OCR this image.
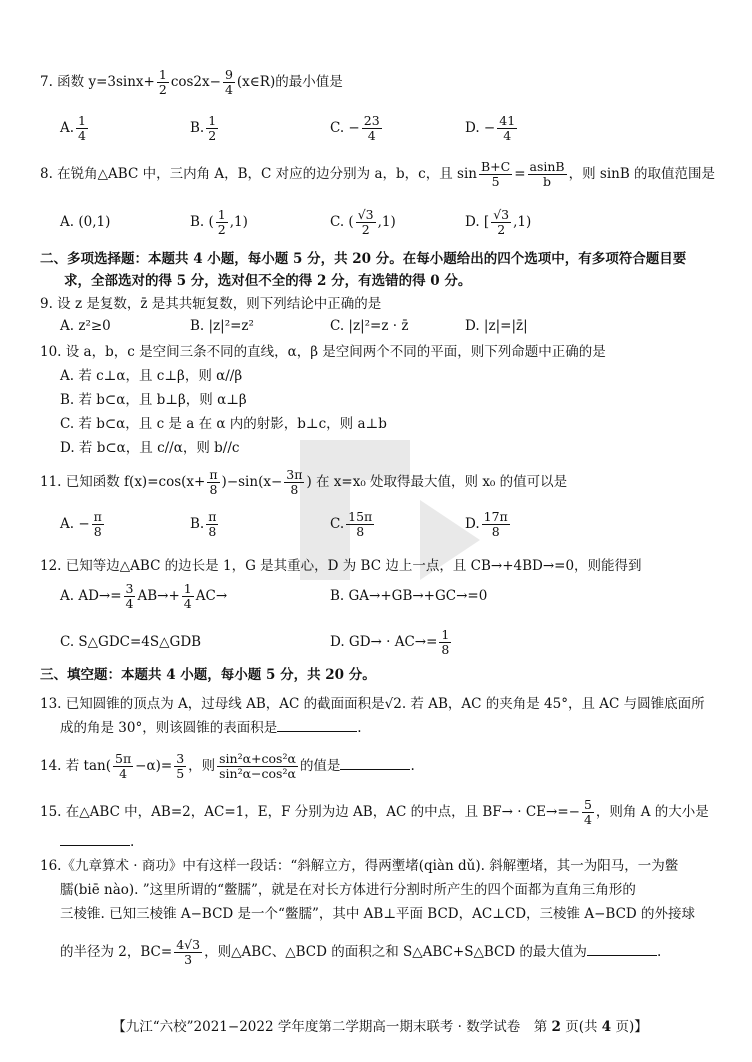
7. 函数 $y=3\sin x+ \frac{1}{2} \cos 2x- \frac{9}{4}$ (x∈R)的最小值是
A. $\frac{1}{4}$	B. $\frac{1}{2}$	C. − $\frac{23}{4}$	D. − $\frac{41}{4}$
8. 在锐角△ABC 中，三内角 A，B，C 对应的边分别为 a，b，c，且 $\sin \frac{B+C}{5} = \frac{asinB}{b}$ ，则 sinB 的取值范围是
A. (0,1)	B. ( $\frac{1}{2} ,1$)	C. ( $\frac{√3}{2} ,1$)	D. [ $\frac{√3}{2} ,1$)
二、多项选择题：本题共 4 小题，每小题 5 分，共 20 分。在每小题给出的四个选项中，有多项符合题目要
求，全部选对的得 5 分，选对但不全的得 2 分，有选错的得 0 分。
9. 设 z 是复数，z̄ 是其共轭复数，则下列结论中正确的是
A. z²≥0	B. |z|²=z²	C. |z|²=z · z̄	D. |z|=|z̄|
10. 设 a，b，c 是空间三条不同的直线，α，β 是空间两个不同的平面，则下列命题中正确的是
A. 若 c⊥α，且 c⊥β，则 α//β
B. 若 b⊂α，且 b⊥β，则 α⊥β
C. 若 b⊂α，且 c 是 a 在 α 内的射影，b⊥c，则 a⊥b
D. 若 b⊂α，且 c//α，则 b//c
11. 已知函数 $f(x)=\cos(x+ \frac{\pi}{8} )-\sin(x- \frac{3\pi}{8}$ ) 在 x=x₀ 处取得最大值，则 x₀ 的值可以是
A. − $\frac{\pi}{8}$	B. $\frac{\pi}{8}$	C. $\frac{15\pi}{8}$	D. $\frac{17\pi}{8}$
12. 已知等边△ABC 的边长是 1，G 是其重心，D 为 BC 边上一点，且 CB→+4BD→=0，则能得到
A. $AD\to= \frac{3}{4} AB\to+ \frac{1}{4} AC\to$	B. GA→+GB→+GC→=0
C. S△GDC=4S△GDB	D. $GD\to \cdot AC\to= \frac{1}{8}$
三、填空题：本题共 4 小题，每小题 5 分，共 20 分。
13. 已知圆锥的顶点为 A，过母线 AB，AC 的截面面积是√2. 若 AB，AC 的夹角是 45°，且 AC 与圆锥底面所
成的角是 30°，则该圆锥的表面积是	.
14. 若 $\tan( \frac{5\pi}{4} -\alpha)= \frac{3}{5}$ ，则 $\frac{\text{sin²α+cos²α}}{\text{sin²α−cos²α}}$ 的值是	.
15. 在△ABC 中，AB=2，AC=1，E，F 分别为边 AB，AC 的中点，且 $BF\to \cdot CE\to=- \frac{5}{4}$ ，则角 A 的大小是
.
16.《九章算术 · 商功》中有这样一段话：“斜解立方，得两壍堵(qiàn dǔ). 斜解壍堵，其一为阳马，一为鳖
臑(biē nào). ”这里所谓的“鳖臑”，就是在对长方体进行分割时所产生的四个面都为直角三角形的
三棱锥. 已知三棱锥 A−BCD 是一个“鳖臑”，其中 AB⊥平面 BCD，AC⊥CD，三棱锥 A−BCD 的外接球
的半径为 2，$BC= \frac{4√3}{3}$ ，则△ABC、△BCD 的面积之和 S△ABC+S△BCD 的最大值为	.
【九江“六校”2021−2022 学年度第二学期高一期末联考 · 数学试卷　第 2 页(共 4 页)】
